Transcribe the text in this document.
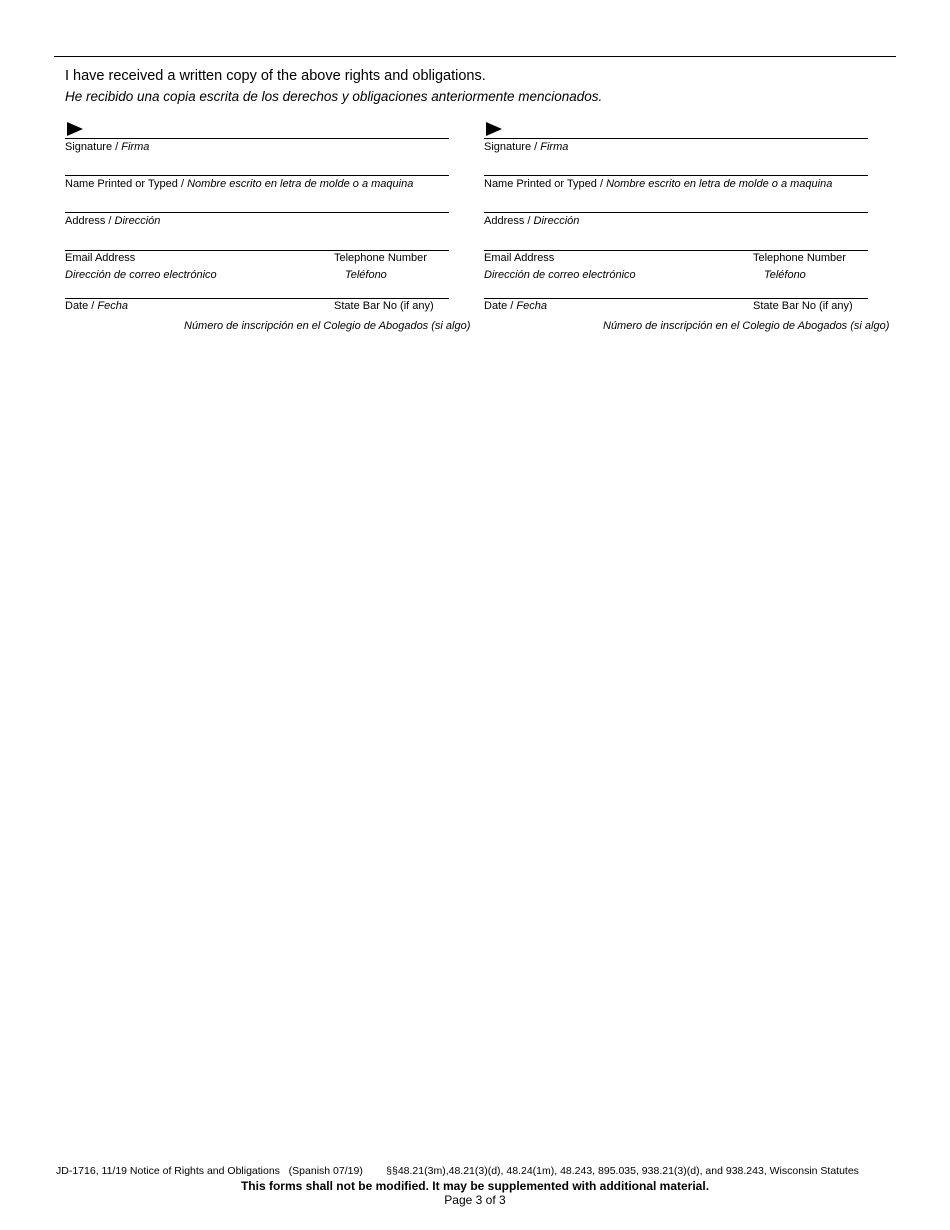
I have received a written copy of the above rights and obligations.
He recibido una copia escrita de los derechos y obligaciones anteriormente mencionados.
Signature / Firma
Name Printed or Typed / Nombre escrito en letra de molde o a maquina
Address / Dirección
Email Address
Dirección de correo electrónico
Telephone Number
Teléfono
Date / Fecha	State Bar No (if any)
Número de inscripción en el Colegio de Abogados (si algo)
Signature / Firma
Name Printed or Typed / Nombre escrito en letra de molde o a maquina
Address / Dirección
Email Address
Dirección de correo electrónico
Telephone Number
Teléfono
Date / Fecha	State Bar No (if any)
Número de inscripción en el Colegio de Abogados (si algo)
JD-1716, 11/19 Notice of Rights and Obligations   (Spanish 07/19)        §§48.21(3m),48.21(3)(d), 48.24(1m), 48.243, 895.035, 938.21(3)(d), and 938.243, Wisconsin Statutes
This forms shall not be modified. It may be supplemented with additional material.
Page 3 of 3
